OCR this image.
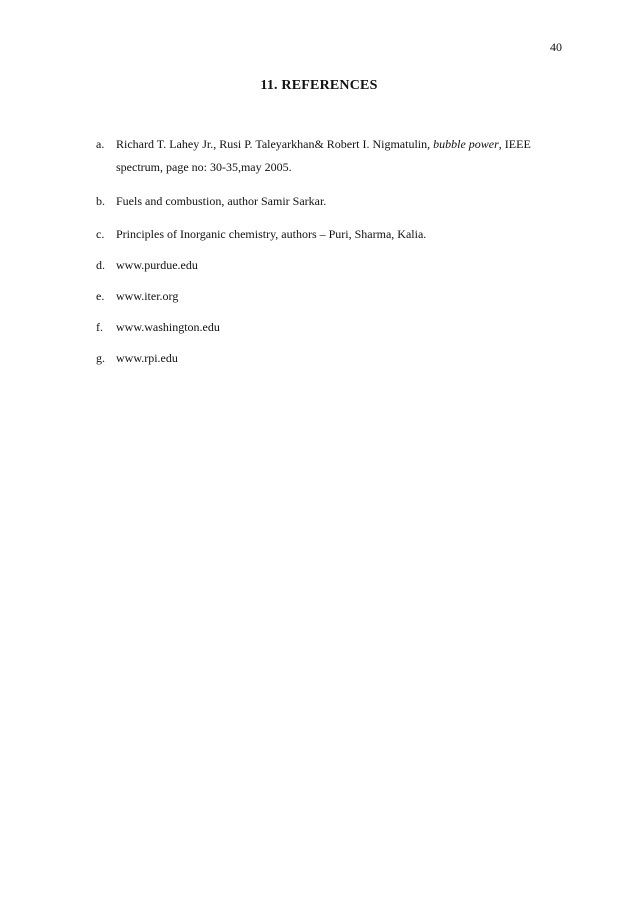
40
11. REFERENCES
a. Richard T. Lahey Jr., Rusi P. Taleyarkhan& Robert I. Nigmatulin, bubble power, IEEE spectrum, page no: 30-35,may 2005.
b. Fuels and combustion, author Samir Sarkar.
c. Principles of Inorganic chemistry, authors – Puri, Sharma, Kalia.
d. www.purdue.edu
e. www.iter.org
f.	www.washington.edu
g. www.rpi.edu
